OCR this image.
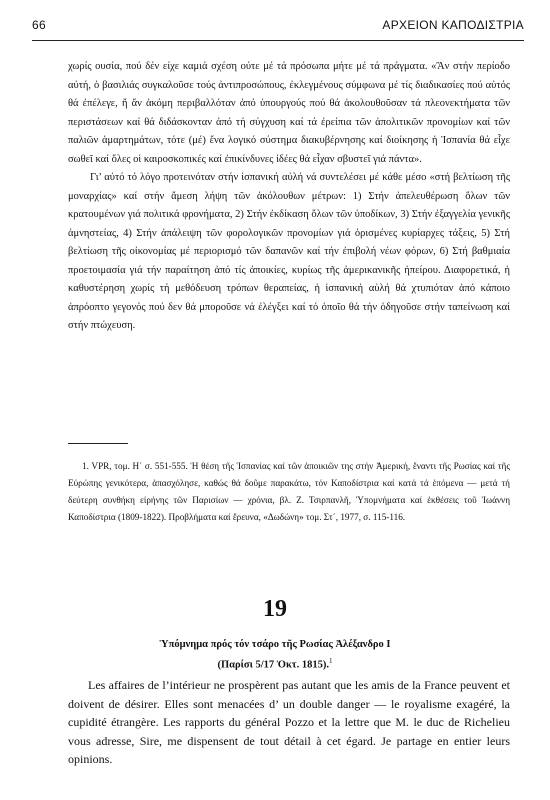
66	ΑΡΧΕΙΟΝ ΚΑΠΟΔΙΣΤΡΙΑ

χωρίς ουσία, πού δέν είχε καμιά σχέση ούτε μέ τά πρόσωπα μήτε μέ τά πράγματα. «Ἄν στήν περίοδο αὐτή, ὁ βασιλιάς συγκαλοῦσε τούς ἀντιπροσώπους, ἐκλεγμένους σύμφωνα μέ τίς διαδικασίες πού αὐτός θά ἐπέλεγε, ἤ ἄν ἀκόμη περιβαλλόταν ἀπό ὑπουργούς πού θά ἀκολουθοῦσαν τά πλεονεκτήματα τῶν περιστάσεων καί θά διδάσκονταν ἀπό τή σύγχυση καί τά ἐρείπια τῶν ἀπολιτικῶν προνομίων καί τῶν παλιῶν ἁμαρτημάτων, τότε (μέ) ἕνα λογικό σύστημα διακυβέρνησης καί διοίκησης ἡ Ἱσπανία θά εἶχε σωθεῖ καί ὅλες οἱ καιροσκοπικές καί ἐπικίνδυνες ἰδέες θά εἶχαν σβυστεῖ γιά πάντα».

Γι’ αὐτό τό λόγο προτεινόταν στήν ἱσπανική αὐλή νά συντελέσει μέ κάθε μέσο «στή βελτίωση τῆς μοναρχίας» καί στήν ἄμεση λήψη τῶν ἀκόλουθων μέτρων: 1) Στήν ἀπελευθέρωση ὅλων τῶν κρατουμένων γιά πολιτικά φρονήματα, 2) Στήν ἐκδίκαση ὅλων τῶν ὑποδίκων, 3) Στήν ἐξαγγελία γενικῆς ἀμνηστείας, 4) Στήν ἀπάλειψη τῶν φορολογικῶν προνομίων γιά ὁρισμένες κυρίαρχες τάξεις, 5) Στή βελτίωση τῆς οἰκονομίας μέ περιορισμό τῶν δαπανῶν καί τήν ἐπιβολή νέων φόρων, 6) Στή βαθμιαία προετοιμασία γιά τήν παραίτηση ἀπό τίς ἀποικίες, κυρίως τῆς ἀμερικανικῆς ἠπείρου. Διαφορετικά, ἡ καθυστέρηση χωρίς τή μεθόδευση τρόπων θεραπείας, ἡ ἱσπανική αὐλή θά χτυπιόταν ἀπό κάποιο ἀπρόοπτο γεγονός πού δεν θά μποροῦσε νά ἐλέγξει καί τό ὁποῖο θά τήν ὁδηγοῦσε στήν ταπείνωση καί στήν πτώχευση.

1. VPR, τομ. Η΄ σ. 551-555. Ἡ θέση τῆς Ἱσπανίας καί τῶν ἀποικιῶν της στήν Ἀμερική, ἔναντι τῆς Ρωσίας καί τῆς Εὐρώπης γενικότερα, ἀπασχόλησε, καθώς θά δοῦμε παρακάτω, τόν Καποδίστρια καί κατά τά ἑπόμενα — μετά τή δεύτερη συνθήκη εἰρήνης τῶν Παρισίων — χρόνια, βλ. Ζ. Τσιρπανλῆ, Ὑπομνήματα καί ἐκθέσεις τοῦ Ἰωάννη Καποδίστρια (1809-1822). Προβλήματα καί ἔρευνα, «Δωδώνη» τομ. Στ΄, 1977, σ. 115-116.

19
Ὑπόμνημα πρός τόν τσάρο τῆς Ρωσίας Ἀλέξανδρο Ι
(Παρίσι 5/17 Ὀκτ. 1815).$^1$

Les affaires de l’intérieur ne prospèrent pas autant que les amis de la France peuvent et doivent de désirer. Elles sont menacées d’ un double danger — le royalisme exagéré, la cupidité étrangère. Les rapports du général Pozzo et la lettre que M. le duc de Richelieu vous adresse, Sire, me dispensent de tout détail à cet égard. Je partage en entier leurs opinions.
